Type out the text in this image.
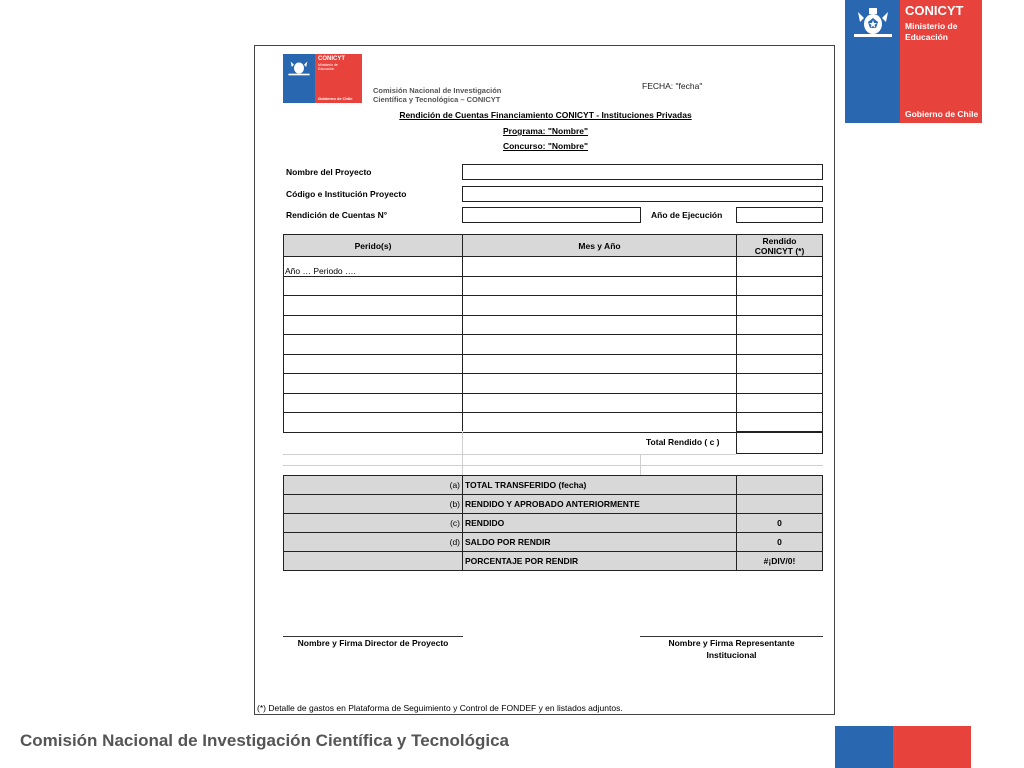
CONICYT
Ministerio de
Educación
Gobierno de Chile
CONICYT
Ministerio de
Educación
Gobierno de Chile
Comisión Nacional de Investigación
Científica y Tecnológica – CONICYT
FECHA: "fecha"
Rendición de Cuentas Financiamiento CONICYT - Instituciones Privadas
Programa: "Nombre"
Concurso: "Nombre"
Nombre del Proyecto
Código e Institución Proyecto
Rendición de Cuentas N°	Año de Ejecución
Perido(s)	Mes y Año	Rendido
CONICYT (*)
Año … Periodo ….
Total Rendido ( c )
(a) TOTAL TRANSFERIDO (fecha)
(b) RENDIDO Y APROBADO ANTERIORMENTE
(c) RENDIDO	0
(d) SALDO POR RENDIR	0
PORCENTAJE POR RENDIR	#¡DIV/0!
Nombre y Firma Director de Proyecto	Nombre y Firma Representante
Institucional
(*) Detalle de gastos en Plataforma de Seguimiento y Control de FONDEF y en listados adjuntos.
Comisión Nacional de Investigación Científica y Tecnológica
